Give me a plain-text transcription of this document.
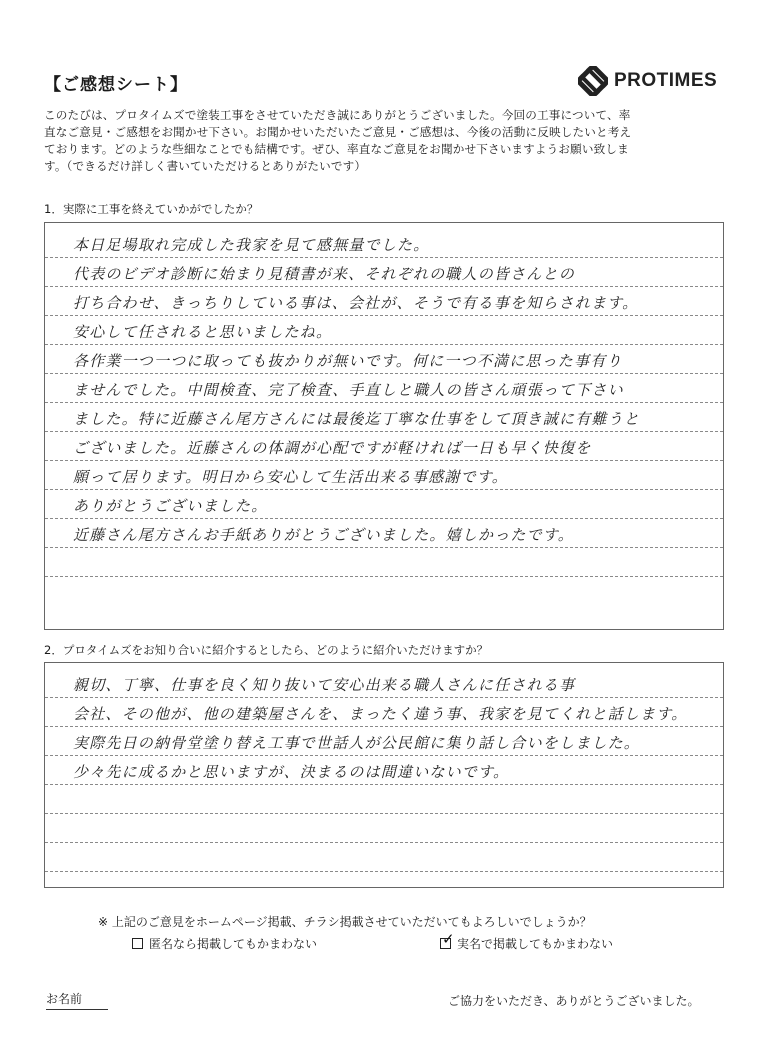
【ご感想シート】	PROTIMES
このたびは、プロタイムズで塗装工事をさせていただき誠にありがとうございました。今回の工事について、率
直なご意見・ご感想をお聞かせ下さい。お聞かせいただいたご意見・ご感想は、今後の活動に反映したいと考え
ております。どのような些細なことでも結構です。ぜひ、率直なご意見をお聞かせ下さいますようお願い致しま
す。（できるだけ詳しく書いていただけるとありがたいです）
1．実際に工事を終えていかがでしたか？
本日足場取れ完成した我家を見て感無量でした。
代表のビデオ診断に始まり見積書が来、それぞれの職人の皆さんとの
打ち合わせ、きっちりしている事は、会社が、そうで有る事を知らされます。
安心して任されると思いましたね。
各作業一つ一つに取っても抜かりが無いです。何に一つ不満に思った事有り
ませんでした。中間検査、完了検査、手直しと職人の皆さん頑張って下さい
ました。特に近藤さん尾方さんには最後迄丁寧な仕事をして頂き誠に有難うと
ございました。近藤さんの体調が心配ですが軽ければ一日も早く快復を
願って居ります。明日から安心して生活出来る事感謝です。
ありがとうございました。
近藤さん尾方さんお手紙ありがとうございました。嬉しかったです。
2．プロタイムズをお知り合いに紹介するとしたら、どのように紹介いただけますか？
親切、丁寧、仕事を良く知り抜いて安心出来る職人さんに任される事
会社、その他が、他の建築屋さんを、まったく違う事、我家を見てくれと話します。
実際先日の納骨堂塗り替え工事で世話人が公民館に集り話し合いをしました。
少々先に成るかと思いますが、決まるのは間違いないです。
※ 上記のご意見をホームページ掲載、チラシ掲載させていただいてもよろしいでしょうか？
匿名なら掲載してもかまわない	✓ 実名で掲載してもかまわない
お名前	ご協力をいただき、ありがとうございました。
